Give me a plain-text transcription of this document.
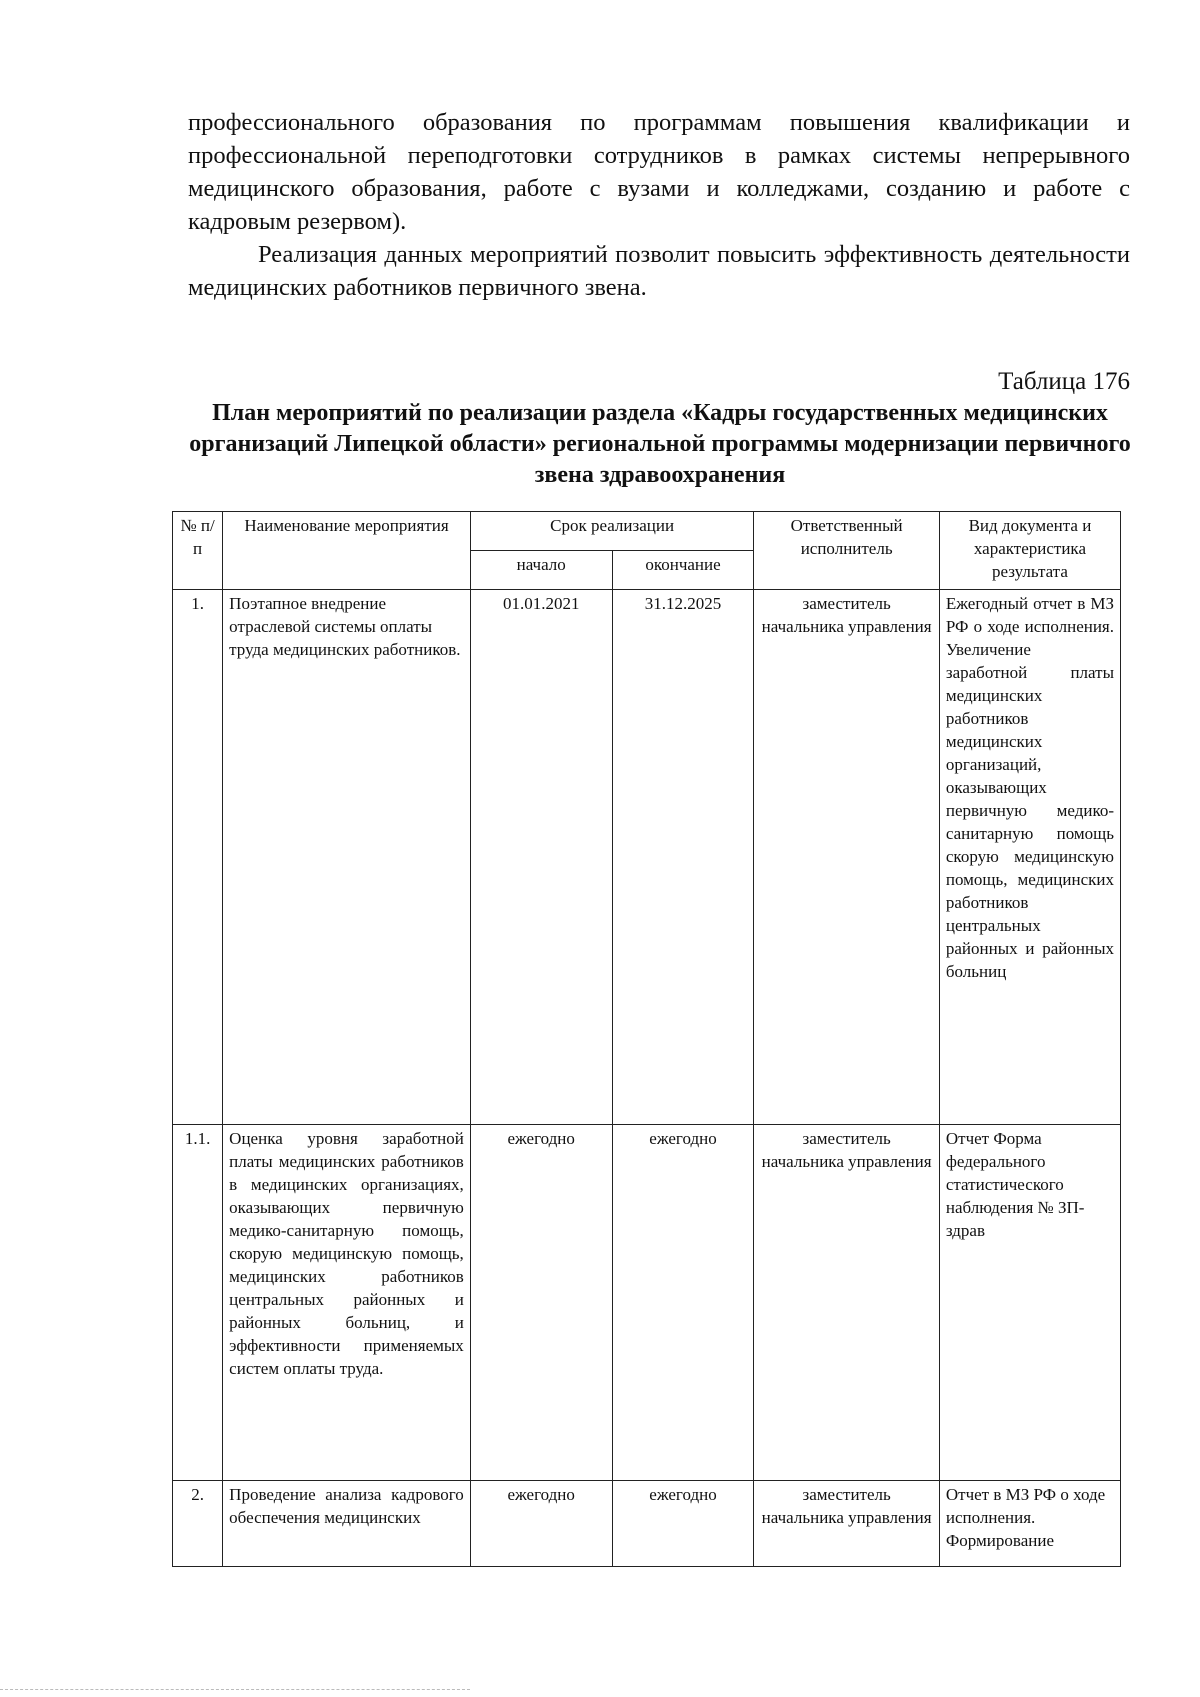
профессионального образования по программам повышения квалификации и профессиональной переподготовки сотрудников в рамках системы непрерывного медицинского образования, работе с вузами и колледжами, созданию и работе с кадровым резервом).

Реализация данных мероприятий позволит повысить эффективность деятельности медицинских работников первичного звена.

Таблица 176
План мероприятий по реализации раздела «Кадры государственных медицинских организаций Липецкой области» региональной программы модернизации первичного звена здравоохранения
№ п/п	Наименование мероприятия	Срок реализации		Ответственный исполнитель	Вид документа и характеристика результата
		начало	окончание		
1.	Поэтапное внедрение отраслевой системы оплаты труда медицинских работников.	01.01.2021	31.12.2025	заместитель начальника управления	Ежегодный отчет в МЗ РФ о ходе исполнения. Увеличение заработной платы медицинских работников медицинских организаций, оказывающих первичную медико-санитарную помощь скорую медицинскую помощь, медицинских работников центральных районных и районных больниц
1.1.	Оценка уровня заработной платы медицинских работников в медицинских организациях, оказывающих первичную медико-санитарную помощь, скорую медицинскую помощь, медицинских работников центральных районных и районных больниц, и эффективности применяемых систем оплаты труда.	ежегодно	ежегодно	заместитель начальника управления	Отчет Форма федерального статистического наблюдения № ЗП-здрав
2.	Проведение анализа кадрового обеспечения медицинских	ежегодно	ежегодно	заместитель начальника управления	Отчет в МЗ РФ о ходе исполнения. Формирование
